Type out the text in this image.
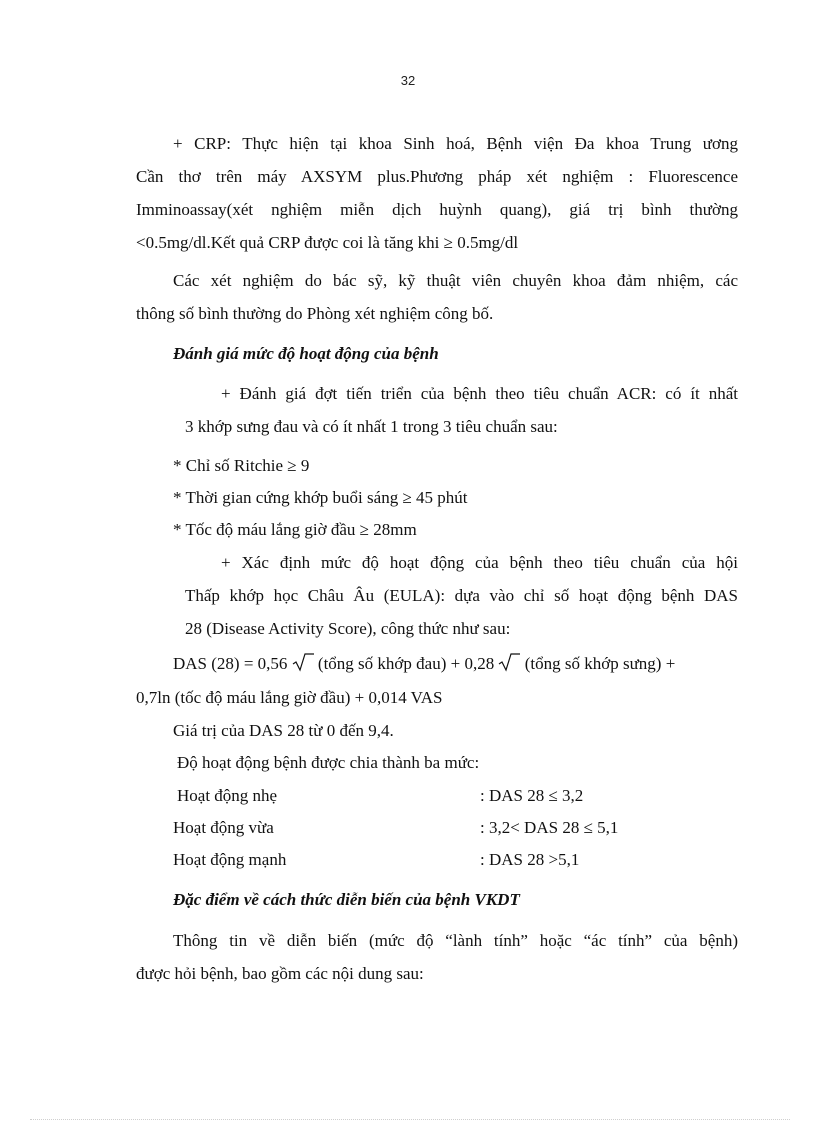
32
+ CRP: Thực hiện tại khoa Sinh hoá, Bệnh viện Đa khoa Trung ương
Cần thơ trên máy AXSYM plus.Phương pháp xét nghiệm : Fluorescence
Imminoassay(xét nghiệm miễn dịch huỳnh quang), giá trị bình thường
<0.5mg/dl.Kết quả CRP được coi là tăng khi ≥ 0.5mg/dl
Các xét nghiệm do bác sỹ, kỹ thuật viên chuyên khoa đảm nhiệm, các
thông số bình thường do Phòng xét nghiệm công bố.
Đánh giá mức độ hoạt động của bệnh
+ Đánh giá đợt tiến triển của bệnh theo tiêu chuẩn ACR: có ít nhất
3 khớp sưng đau và có ít nhất 1 trong 3 tiêu chuẩn sau:
* Chỉ số Ritchie ≥ 9
* Thời gian cứng khớp buổi sáng ≥ 45 phút
* Tốc độ máu lắng giờ đầu ≥ 28mm
+ Xác định mức độ hoạt động của bệnh theo tiêu chuẩn của hội
Thấp khớp học Châu Âu (EULA): dựa vào chỉ số hoạt động bệnh DAS
28 (Disease Activity Score), công thức như sau:
DAS (28) = 0,56 (tổng số khớp đau) + 0,28 (tổng số khớp sưng) +
0,7ln (tốc độ máu lắng giờ đầu) + 0,014 VAS
Giá trị của DAS 28 từ 0 đến 9,4.
Độ hoạt động bệnh được chia thành ba mức:
Hoạt động nhẹ	: DAS 28 ≤ 3,2
Hoạt động vừa	: 3,2< DAS 28 ≤ 5,1
Hoạt động mạnh	: DAS 28 >5,1
Đặc điểm về cách thức diễn biến của bệnh VKDT
Thông tin về diễn biến (mức độ “lành tính” hoặc “ác tính” của bệnh)
được hỏi bệnh, bao gồm các nội dung sau:
